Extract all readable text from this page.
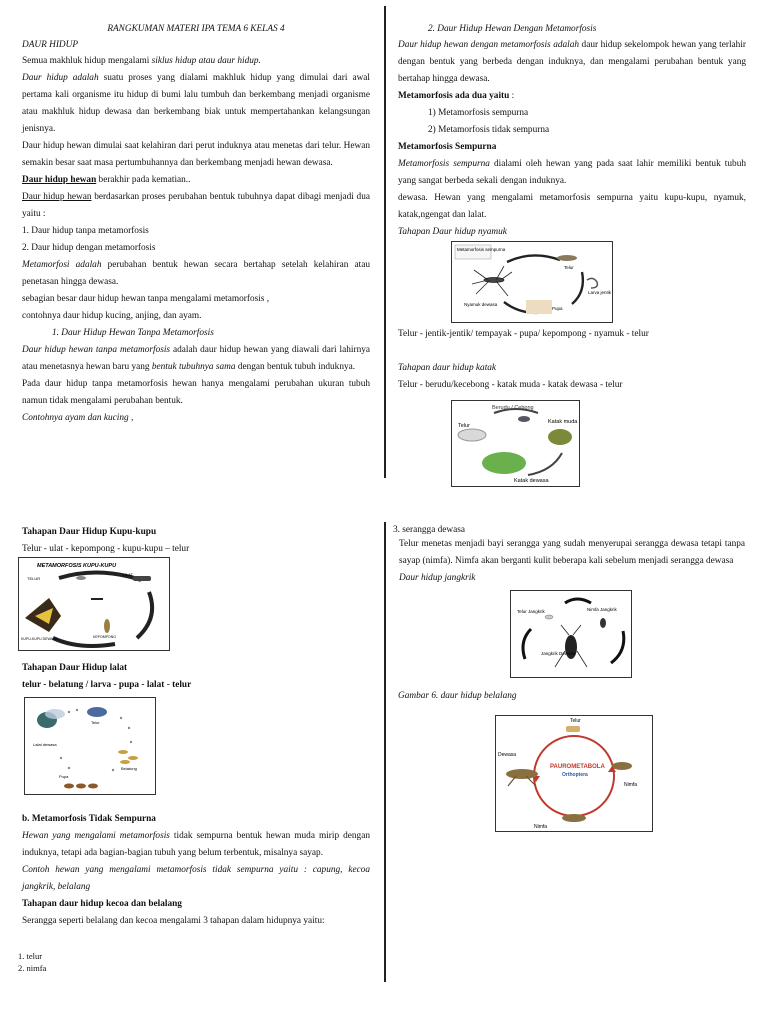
RANGKUMAN MATERI IPA TEMA 6 KELAS 4
DAUR HIDUP

Semua makhluk hidup mengalami siklus hidup atau daur hidup.

Daur hidup adalah suatu proses yang dialami makhluk hidup yang dimulai dari awal pertama kali organisme itu hidup di bumi lalu tumbuh dan berkembang menjadi organisme atau makhluk hidup dewasa dan berkembang biak untuk mempertahankan kelangsungan jenisnya.

Daur hidup hewan dimulai saat kelahiran dari perut induknya atau menetas dari telur. Hewan semakin besar saat masa pertumbuhannya dan berkembang menjadi hewan dewasa.

Daur hidup hewan berakhir pada kematian..

Daur hidup hewan berdasarkan proses perubahan bentuk tubuhnya dapat dibagi menjadi dua yaitu :

1. Daur hidup tanpa metamorfosis
2. Daur hidup dengan metamorfosis

Metamorfosi adalah perubahan bentuk hewan secara bertahap setelah kelahiran atau penetasan hingga dewasa.

sebagian besar daur hidup hewan tanpa mengalami metamorfosis ,

contohnya daur hidup kucing, anjing, dan ayam.

1. Daur Hidup Hewan Tanpa Metamorfosis

Daur hidup hewan tanpa metamorfosis adalah daur hidup hewan yang diawali dari lahirnya atau menetasnya hewan baru yang bentuk tubuhnya sama dengan bentuk tubuh induknya.

Pada daur hidup tanpa metamorfosis hewan hanya mengalami perubahan ukuran tubuh namun tidak mengalami perubahan bentuk.

Contohnya ayam dan kucing ,

2. Daur Hidup Hewan Dengan Metamorfosis

Daur hidup hewan dengan metamorfosis adalah daur hidup sekelompok hewan yang terlahir dengan bentuk yang berbeda dengan induknya, dan mengalami perubahan bentuk yang bertahap hingga dewasa.

Metamorfosis ada dua yaitu :
1) Metamorfosis sempurna
2) Metamorfosis tidak sempurna
Metamorfosis Sempurna

Metamorfosis sempurna dialami oleh hewan yang pada saat lahir memiliki bentuk tubuh yang sangat berbeda sekali dengan induknya.

dewasa. Hewan yang mengalami metamorfosis sempurna yaitu kupu-kupu, nyamuk, katak,ngengat dan lalat.

Tahapan Daur hidup nyamuk
Metamorfosis sempurna
Telur
Larva jentik
Pupa
Nyamuk dewasa
Telur - jentik-jentik/ tempayak - pupa/ kepompong - nyamuk - telur
Tahapan daur hidup katak
Telur - berudu/kecebong - katak muda - katak dewasa - telur
Berudu / Cebong
Telur
Katak muda
Katak dewasa
Tahapan Daur Hidup Kupu-kupu
Telur - ulat - kepompong - kupu-kupu – telur
METAMORFOSIS KUPU-KUPU
TELUR
ULAT
KUPU-KUPU DEWASA	KEPOMPONG
Tahapan Daur Hidup lalat
telur - belatung / larva - pupa - lalat - telur
Lalat dewasa
Telur
Belatung
Pupa
b. Metamorfosis Tidak Sempurna

Hewan yang mengalami metamorfosis tidak sempurna bentuk hewan muda mirip dengan induknya, tetapi ada bagian-bagian tubuh yang belum terbentuk, misalnya sayap.

Contoh hewan yang mengalami metamorfosis tidak sempurna yaitu : capung, kecoa jangkrik, belalang

Tahapan daur hidup kecoa dan belalang

Serangga seperti belalang dan kecoa mengalami 3 tahapan dalam hidupnya yaitu:

1. telur
2. nimfa
3. serangga dewasa

Telur menetas menjadi bayi serangga yang sudah menyerupai serangga dewasa tetapi tanpa sayap (nimfa). Nimfa akan berganti kulit beberapa kali sebelum menjadi serangga dewasa

Daur hidup jangkrik
Telur Jangkrik	Nimfa Jangkrik
Jangkrik Dewasa
Gambar 6. daur hidup belalang
Telur
PAUROMETABOLA
Orthoptera
Dewasa
Nimfa
Nimfa
